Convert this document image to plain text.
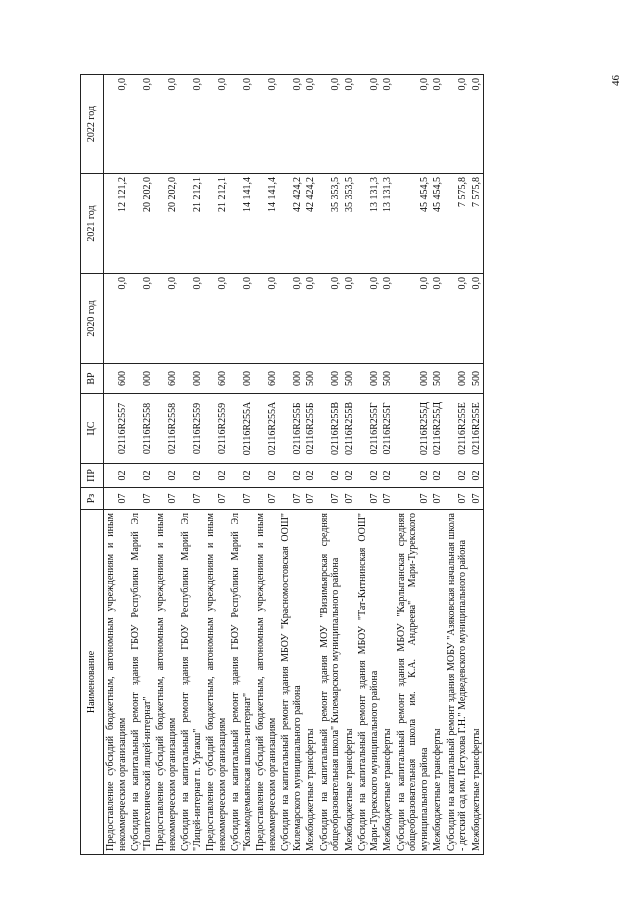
46
Наименование	Рз	ПР	ЦС	ВР	2020 год	2021 год	2022 год
Предоставление субсидий бюджетным, автономным учреждениям и иным некоммерческим организациям	07	02	02116R2557	600	0,0	12 121,2	0,0
Субсидии на капитальный ремонт здания ГБОУ Республики Марий Эл "Политехнический лицей-интернат"	07	02	02116R2558	000	0,0	20 202,0	0,0
Предоставление субсидий бюджетным, автономным учреждениям и иным некоммерческим организациям	07	02	02116R2558	600	0,0	20 202,0	0,0
Субсидии на капитальный ремонт здания ГБОУ Республики Марий Эл "Лицей-интернат п. Ургакш"	07	02	02116R2559	000	0,0	21 212,1	0,0
Предоставление субсидий бюджетным, автономным учреждениям и иным некоммерческим организациям	07	02	02116R2559	600	0,0	21 212,1	0,0
Субсидии на капитальный ремонт здания ГБОУ Республики Марий Эл "Козьмодемьянская школа-интернат"	07	02	02116R255А	000	0,0	14 141,4	0,0
Предоставление субсидий бюджетным, автономным учреждениям и иным некоммерческим организациям	07	02	02116R255А	600	0,0	14 141,4	0,0
Субсидии на капитальный ремонт здания МБОУ "Красномостовская ООШ" Килемарского муниципального района	07	02	02116R255Б	000	0,0	42 424,2	0,0
Межбюджетные трансферты	07	02	02116R255Б	500	0,0	42 424,2	0,0
Субсидии на капитальный ремонт здания МОУ "Визимьярская средняя общеобразовательная школа" Килемарского муниципального района	07	02	02116R255В	000	0,0	35 353,5	0,0
Межбюджетные трансферты	07	02	02116R255В	500	0,0	35 353,5	0,0
Субсидии на капитальный ремонт здания МБОУ "Тат-Китнинская ООШ" Мари-Турекского муниципального района	07	02	02116R255Г	000	0,0	13 131,3	0,0
Межбюджетные трансферты	07	02	02116R255Г	500	0,0	13 131,3	0,0
Субсидии на капитальный ремонт здания МБОУ "Карлыганская средняя общеобразовательная школа им. К.А. Андреева" Мари-Турекского муниципального района	07	02	02116R255Д	000	0,0	45 454,5	0,0
Межбюджетные трансферты	07	02	02116R255Д	500	0,0	45 454,5	0,0
Субсидии на капитальный ремонт здания МОБУ "Азяковская начальная школа - детский сад им. Петухова Г.Н." Медведевского муниципального района	07	02	02116R255Е	000	0,0	7 575,8	0,0
Межбюджетные трансферты	07	02	02116R255Е	500	0,0	7 575,8	0,0
